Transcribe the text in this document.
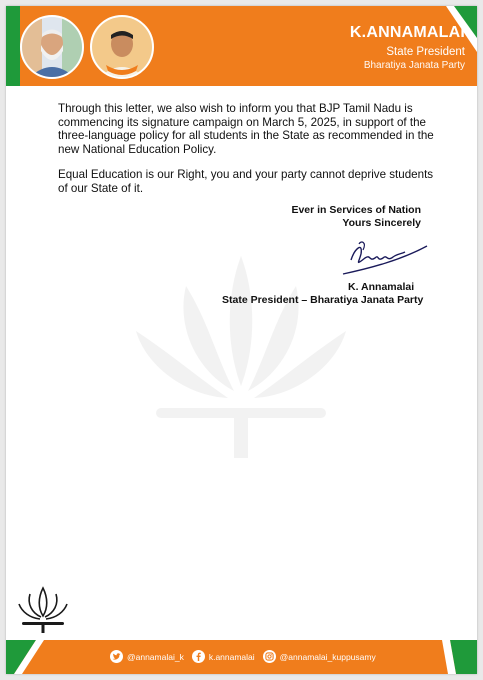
K.ANNAMALAI
State President
Bharatiya Janata Party

Through this letter, we also wish to inform you that BJP Tamil Nadu is commencing its signature campaign on March 5, 2025, in support of the three-language policy for all students in the State as recommended in the new National Education Policy.

Equal Education is our Right, you and your party cannot deprive students of our State of it.

Ever in Services of Nation
Yours Sincerely
K. Annamalai
State President – Bharatiya Janata Party
@annamalai_k	k.annamalai	@annamalai_kuppusamy
